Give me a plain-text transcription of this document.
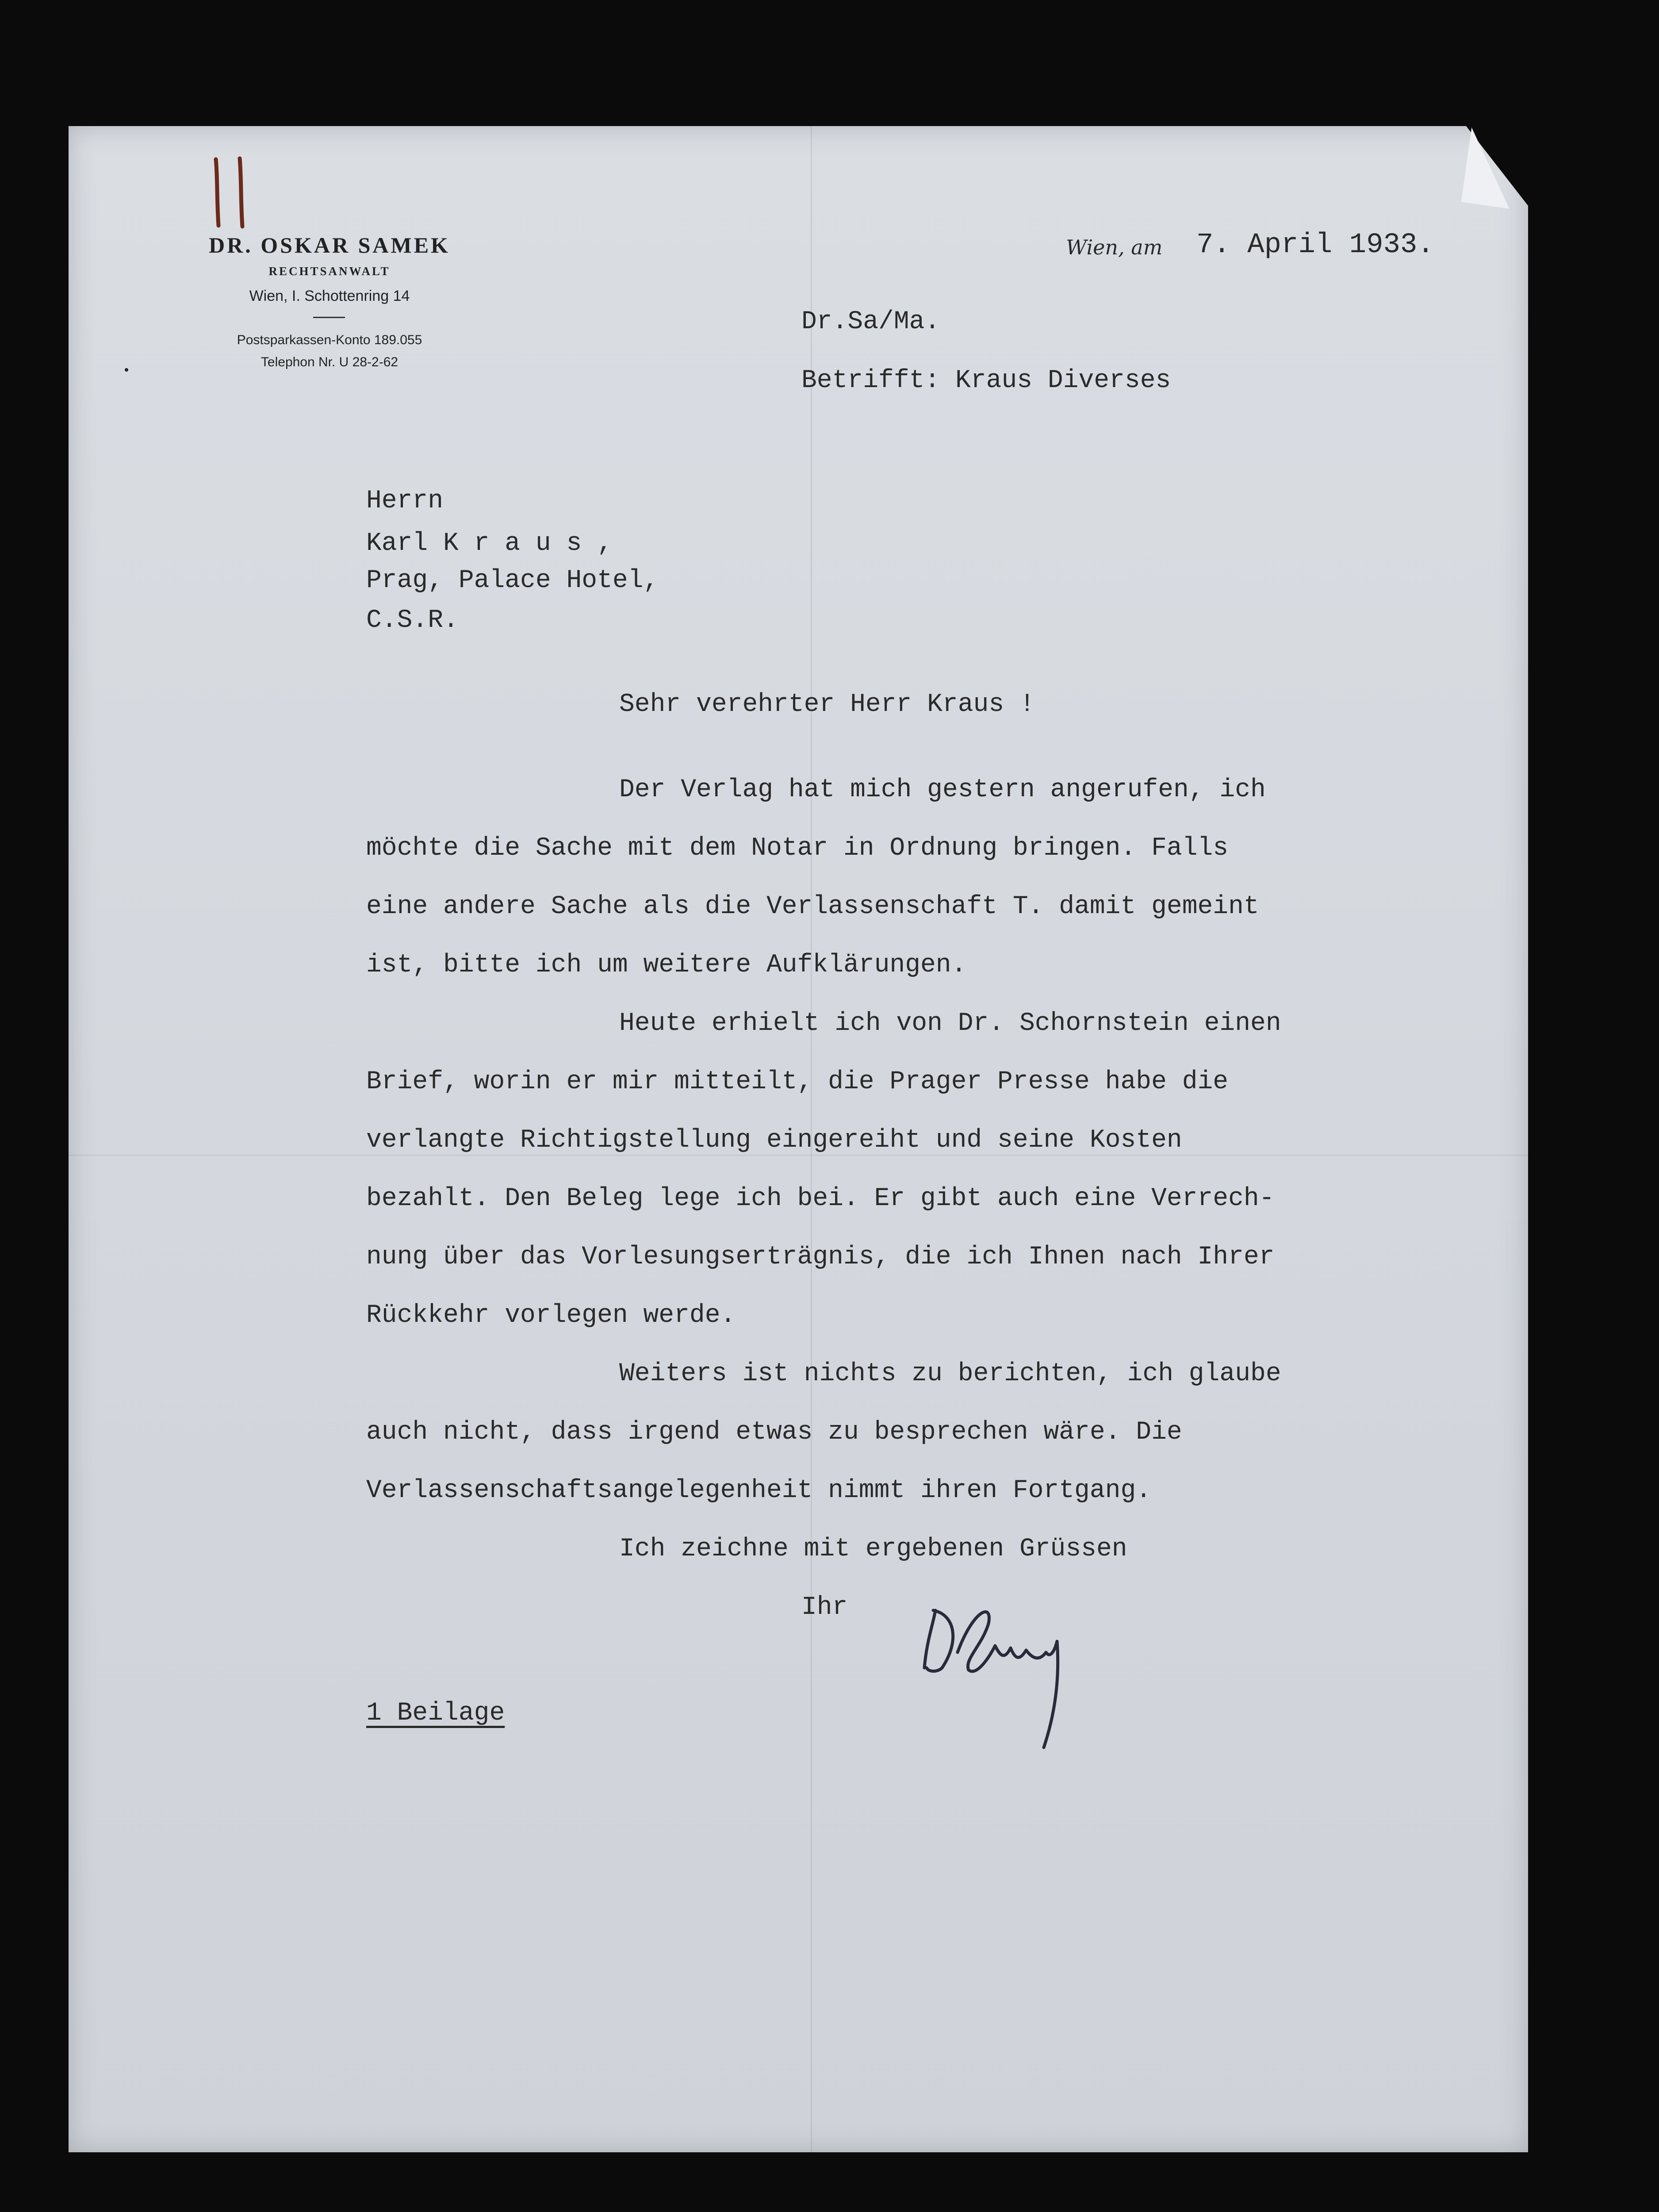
DR. OSKAR SAMEK
RECHTSANWALT
Wien, I. Schottenring 14
Postsparkassen-Konto 189.055
Telephon Nr. U 28-2-62
Wien, am 7. April 1933.
Dr.Sa/Ma.
Betrifft: Kraus Diverses
Herrn
Karl K r a u s ,
Prag, Palace Hotel,
C.S.R.
Sehr verehrter Herr Kraus !
Der Verlag hat mich gestern angerufen, ich
möchte die Sache mit dem Notar in Ordnung bringen. Falls
eine andere Sache als die Verlassenschaft T. damit gemeint
ist, bitte ich um weitere Aufklärungen.
Heute erhielt ich von Dr. Schornstein einen
Brief, worin er mir mitteilt, die Prager Presse habe die
verlangte Richtigstellung eingereiht und seine Kosten
bezahlt. Den Beleg lege ich bei. Er gibt auch eine Verrech-
nung über das Vorlesungserträgnis, die ich Ihnen nach Ihrer
Rückkehr vorlegen werde.
Weiters ist nichts zu berichten, ich glaube
auch nicht, dass irgend etwas zu besprechen wäre. Die
Verlassenschaftsangelegenheit nimmt ihren Fortgang.
Ich zeichne mit ergebenen Grüssen
Ihr
1 Beilage
